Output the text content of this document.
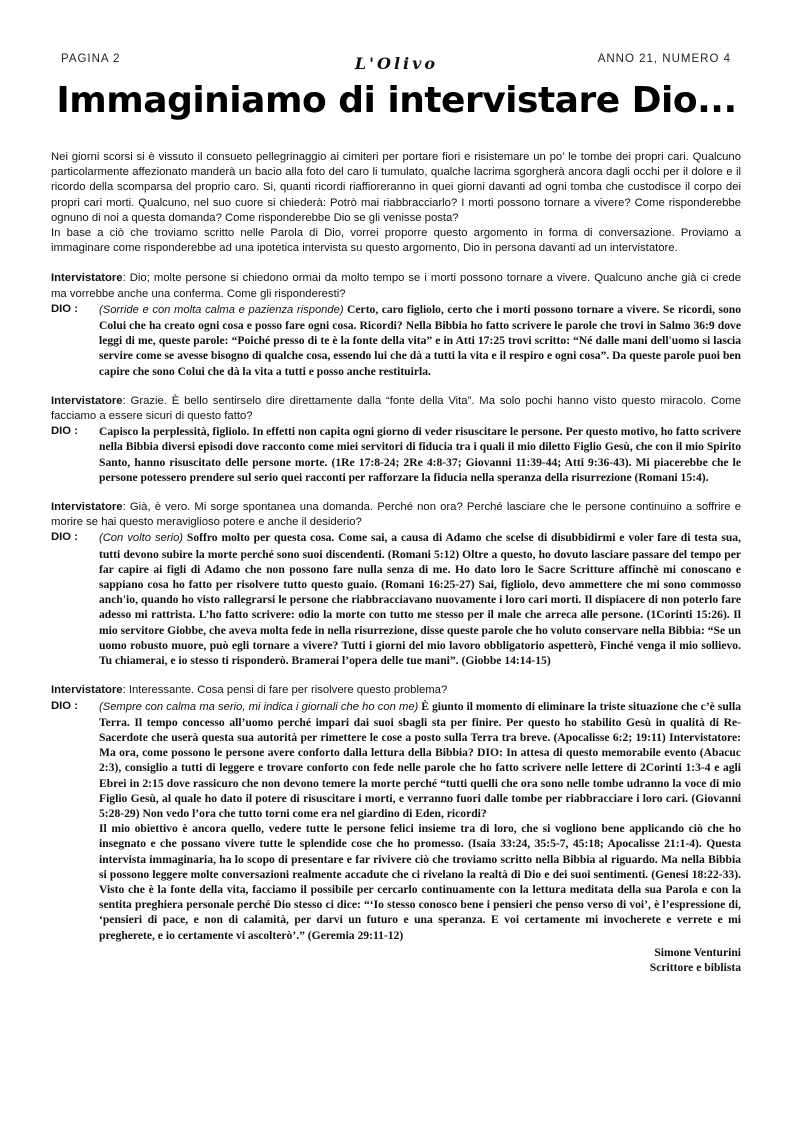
PAGINA 2	L'Olivo	ANNO 21, NUMERO 4
Immaginiamo di intervistare Dio...

Nei giorni scorsi si è vissuto il consueto pellegrinaggio ai cimiteri per portare fiori e risistemare un po’ le tombe dei propri cari. Qualcuno particolarmente affezionato manderà un bacio alla foto del caro li tumulato, qualche lacrima sgorgherà ancora dagli occhi per il dolore e il ricordo della scomparsa del proprio caro. Si, quanti ricordi riaffioreranno in quei giorni davanti ad ogni tomba che custodisce il corpo dei propri cari morti. Qualcuno, nel suo cuore si chiederà: Potrò mai riabbracciarlo? I morti possono tornare a vivere? Come risponderebbe ognuno di noi a questa domanda? Come risponderebbe Dio se gli venisse posta?

In base a ciò che troviamo scritto nelle Parola di Dio, vorrei proporre questo argomento in forma di conversazione. Proviamo a immaginare come risponderebbe ad una ipotetica intervista su questo argomento, Dio in persona davanti ad un intervistatore.

Intervistatore: Dio; molte persone si chiedono ormai da molto tempo se i morti possono tornare a vivere. Qualcuno anche già ci crede ma vorrebbe anche una conferma. Come gli risponderesti?

DIO :	(Sorride e con molta calma e pazienza risponde) Certo, caro figliolo, certo che i morti possono tornare a vivere. Se ricordi, sono Colui che ha creato ogni cosa e posso fare ogni cosa. Ricordi? Nella Bibbia ho fatto scrivere le parole che trovi in Salmo 36:9 dove leggi di me, queste parole: “Poiché presso di te è la fonte della vita” e in Atti 17:25 trovi scritto: “Né dalle mani dell'uomo si lascia servire come se avesse bisogno di qualche cosa, essendo lui che dà a tutti la vita e il respiro e ogni cosa”. Da queste parole puoi ben capire che sono Colui che dà la vita a tutti e posso anche restituirla.

Intervistatore: Grazie. È bello sentirselo dire direttamente dalla “fonte della Vita”. Ma solo pochi hanno visto questo miracolo. Come facciamo a essere sicuri di questo fatto?

DIO :	Capisco la perplessità, figliolo. In effetti non capita ogni giorno di veder risuscitare le persone. Per questo motivo, ho fatto scrivere nella Bibbia diversi episodi dove racconto come miei servitori di fiducia tra i quali il mio diletto Figlio Gesù, che con il mio Spirito Santo, hanno risuscitato delle persone morte. (1Re 17:8-24; 2Re 4:8-37; Giovanni 11:39-44; Atti 9:36-43). Mi piacerebbe che le persone potessero prendere sul serio quei racconti per rafforzare la fiducia nella speranza della risurrezione (Romani 15:4).

Intervistatore: Già, è vero. Mi sorge spontanea una domanda. Perché non ora? Perché lasciare che le persone continuino a soffrire e morire se hai questo meraviglioso potere e anche il desiderio?

DIO :	(Con volto serio) Soffro molto per questa cosa. Come sai, a causa di Adamo che scelse di disubbidirmi e voler fare di testa sua, tutti devono subire la morte perché sono suoi discendenti. (Romani 5:12) Oltre a questo, ho dovuto lasciare passare del tempo per far capire ai figli di Adamo che non possono fare nulla senza di me. Ho dato loro le Sacre Scritture affinchè mi conoscano e sappiano cosa ho fatto per risolvere tutto questo guaio. (Romani 16:25-27) Sai, figliolo, devo ammettere che mi sono commosso anch'io, quando ho visto rallegrarsi le persone che riabbracciavano nuovamente i loro cari morti. Il dispiacere di non poterlo fare adesso mi rattrista. L’ho fatto scrivere: odio la morte con tutto me stesso per il male che arreca alle persone. (1Corinti 15:26). Il mio servitore Giobbe, che aveva molta fede in nella risurrezione, disse queste parole che ho voluto conservare nella Bibbia: “Se un uomo robusto muore, può egli tornare a vivere? Tutti i giorni del mio lavoro obbligatorio aspetterò, Finché venga il mio sollievo. Tu chiamerai, e io stesso ti risponderò. Bramerai l’opera delle tue mani”. (Giobbe 14:14-15)

Intervistatore: Interessante. Cosa pensi di fare per risolvere questo problema?

DIO :	(Sempre con calma ma serio, mi indica i giornali che ho con me) È giunto il momento di eliminare la triste situazione che c’è sulla Terra. Il tempo concesso all’uomo perché impari dai suoi sbagli sta per finire. Per questo ho stabilito Gesù in qualità di Re-Sacerdote che userà questa sua autorità per rimettere le cose a posto sulla Terra tra breve. (Apocalisse 6:2; 19:11) Intervistatore: Ma ora, come possono le persone avere conforto dalla lettura della Bibbia? DIO: In attesa di questo memorabile evento (Abacuc 2:3), consiglio a tutti di leggere e trovare conforto con fede nelle parole che ho fatto scrivere nelle lettere di 2Corinti 1:3-4 e agli Ebrei in 2:15 dove rassicuro che non devono temere la morte perché “tutti quelli che ora sono nelle tombe udranno la voce di mio Figlio Gesù, al quale ho dato il potere di risuscitare i morti, e verranno fuori dalle tombe per riabbracciare i loro cari. (Giovanni 5:28-29) Non vedo l’ora che tutto torni come era nel giardino di Eden, ricordi?
Il mio obiettivo è ancora quello, vedere tutte le persone felici insieme tra di loro, che si vogliono bene applicando ciò che ho insegnato e che possano vivere tutte le splendide cose che ho promesso. (Isaia 33:24, 35:5-7, 45:18; Apocalisse 21:1-4). Questa intervista immaginaria, ha lo scopo di presentare e far rivivere ciò che troviamo scritto nella Bibbia al riguardo. Ma nella Bibbia si possono leggere molte conversazioni realmente accadute che ci rivelano la realtà di Dio e dei suoi sentimenti. (Genesi 18:22-33). Visto che è la fonte della vita, facciamo il possibile per cercarlo continuamente con la lettura meditata della sua Parola e con la sentita preghiera personale perché Dio stesso ci dice: “‘Io stesso conosco bene i pensieri che penso verso di voi’, è l’espressione di, ‘pensieri di pace, e non di calamità, per darvi un futuro e una speranza. E voi certamente mi invocherete e verrete e mi pregherete, e io certamente vi ascolterò’.” (Geremia 29:11-12)
Simone Venturini
Scrittore e biblista
